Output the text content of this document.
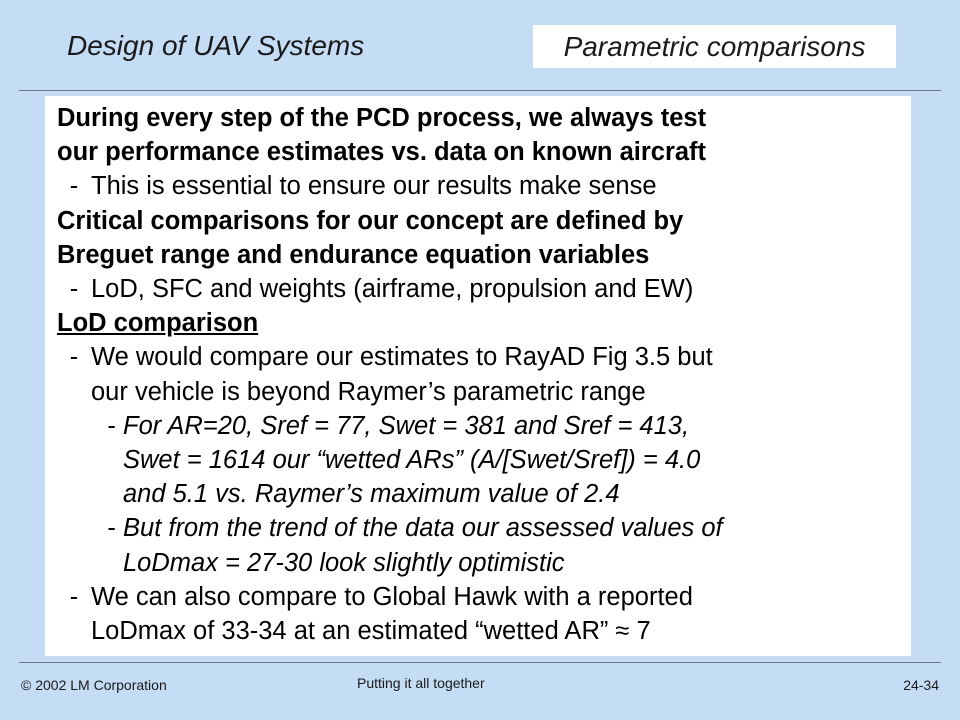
Design of UAV Systems	Parametric comparisons
During every step of the PCD process, we always test
our performance estimates vs. data on known aircraft
- This is essential to ensure our results make sense
Critical comparisons for our concept are defined by
Breguet range and endurance equation variables
- LoD, SFC and weights (airframe, propulsion and EW)
LoD comparison
- We would compare our estimates to RayAD Fig 3.5 but
our vehicle is beyond Raymer’s parametric range
- For AR=20, Sref = 77, Swet = 381 and Sref = 413,
Swet = 1614 our “wetted ARs” (A/[Swet/Sref]) = 4.0
and 5.1 vs. Raymer’s maximum value of 2.4
- But from the trend of the data our assessed values of
LoDmax = 27-30 look slightly optimistic
- We can also compare to Global Hawk with a reported
LoDmax of 33-34 at an estimated “wetted AR” ≈ 7
© 2002 LM Corporation	Putting it all together	24-34
